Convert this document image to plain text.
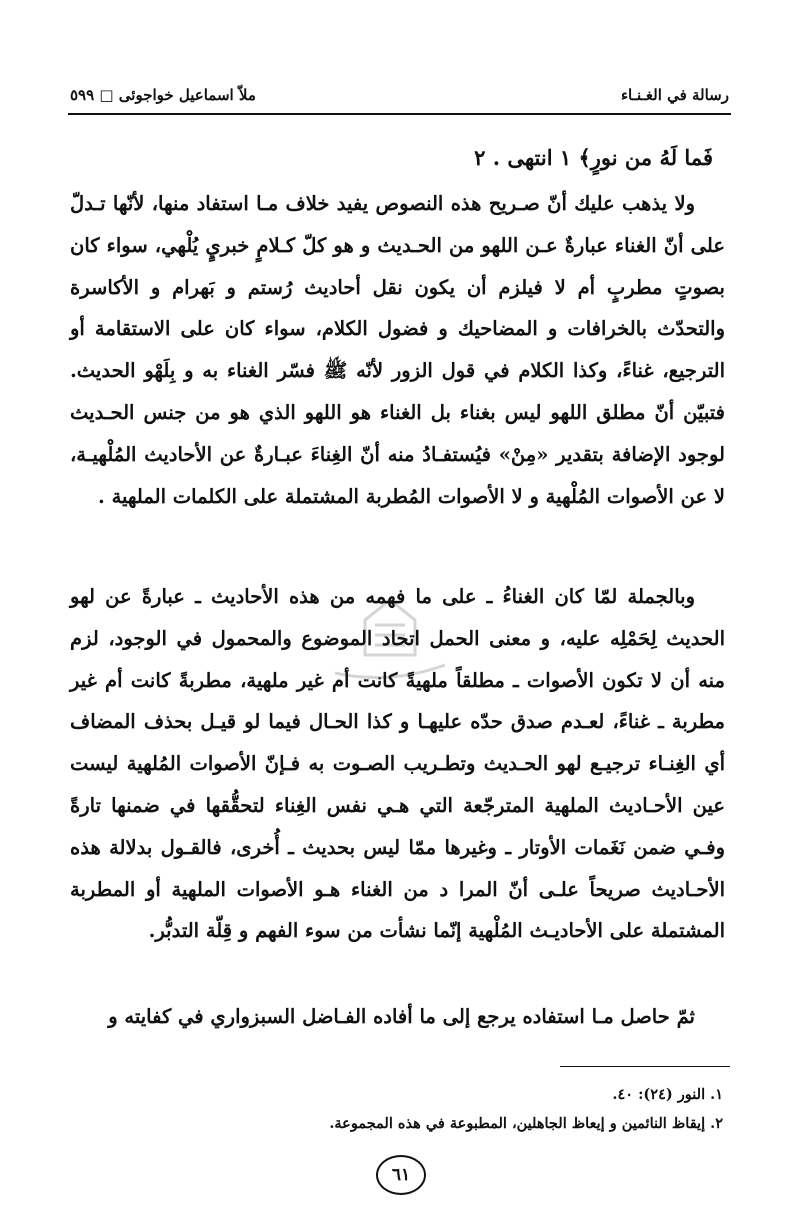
رسالة في الغـنـاء
ملاّ اسماعيل خواجوئی □ ٥٩٩
فَما لَهُ من نورٍ﴾ ١ انتهى . ٢

ولا يذهب عليك أنّ صـريح هذه النصوص يفيد خلاف مـا استفاد منها، لأنّها تـدلّ على أنّ الغناء عبارةٌ عـن اللهو من الحـديث و هو كلّ كـلامٍ خبريٍ يُلْهي، سواء كان بصوتٍ مطربٍ أم لا فيلزم أن يكون نقل أحاديث رُستم و بَهرام و الأكاسرة والتحدّث بالخرافات و المضاحيك و فضول الكلام، سواء كان على الاستقامة أو الترجيع، غناءً، وكذا الكلام في قول الزور لأنّه ﷺ فسّر الغناء به و بِلَهْو الحديث. فتبيّن أنّ مطلق اللهو ليس بغناء بل الغناء هو اللهو الذي هو من جنس الحـديث لوجود الإضافة بتقدير «مِنْ» فيُستفـادُ منه أنّ الغِناءَ عبـارةٌ عن الأحاديث المُلْهيـة، لا عن الأصوات المُلْهية و لا الأصوات المُطربة المشتملة على الكلمات الملهية .

وبالجملة لمّا كان الغناءُ ـ على ما فهمه من هذه الأحاديث ـ عبارةً عن لهو الحديث لِحَمْلِه عليه، و معنى الحمل اتحاد الموضوع والمحمول في الوجود، لزم منه أن لا تكون الأصوات ـ مطلقاً ملهيةً كانت أم غير ملهية، مطربةً كانت أم غير مطربة ـ غناءً، لعـدم صدق حدّه عليهـا و كذا الحـال فيما لو قيـل بحذف المضاف أي الغِنـاء ترجيـع لهو الحـديث وتطـريب الصـوت به فـإنّ الأصوات المُلهية ليست عين الأحـاديث الملهية المترجّعة التي هـي نفس الغِناء لتحقُّقها في ضمنها تارةً وفـي ضمن نَغَمات الأوتار ـ وغيرها ممّا ليس بحديث ـ أُخرى، فالقـول بدلالة هذه الأحـاديث صريحاً علـى أنّ المرا د من الغناء هـو الأصوات الملهية أو المطربة المشتملة على الأحاديـث المُلْهية إنّما نشأت من سوء الفهم و قِلّة التدبُّر.

ثمّ حاصل مـا استفاده يرجع إلى ما أفاده الفـاضل السبزواري في كفايته و

١. النور (٢٤): ٤٠.
٢. إيقاظ النائمين و إيعاظ الجاهلين، المطبوعة في هذه المجموعة.
٦١
